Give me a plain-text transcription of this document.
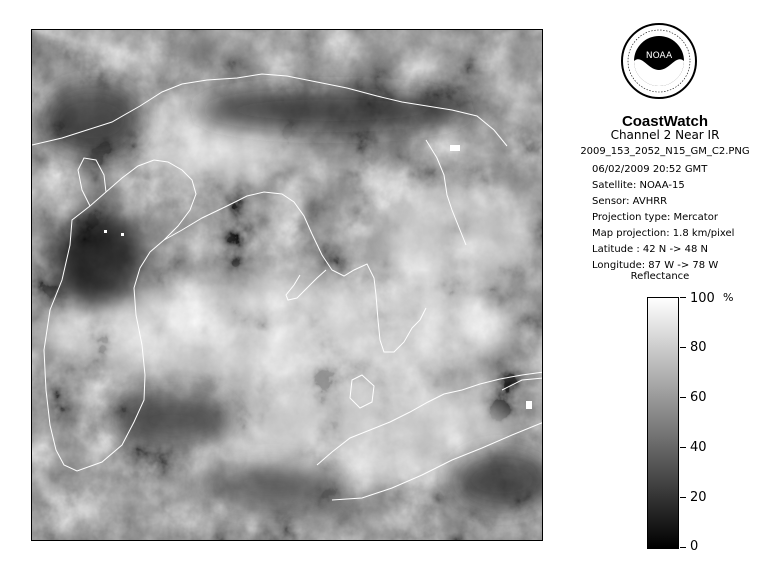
NOAA
CoastWatch
Channel 2 Near IR
2009_153_2052_N15_GM_C2.PNG
06/02/2009 20:52 GMT
Satellite: NOAA-15
Sensor: AVHRR
Projection type: Mercator
Map projection: 1.8 km/pixel
Latitude : 42 N -> 48 N
Longitude: 87 W -> 78 W
Reflectance
%
100
80
60
40
20
0
